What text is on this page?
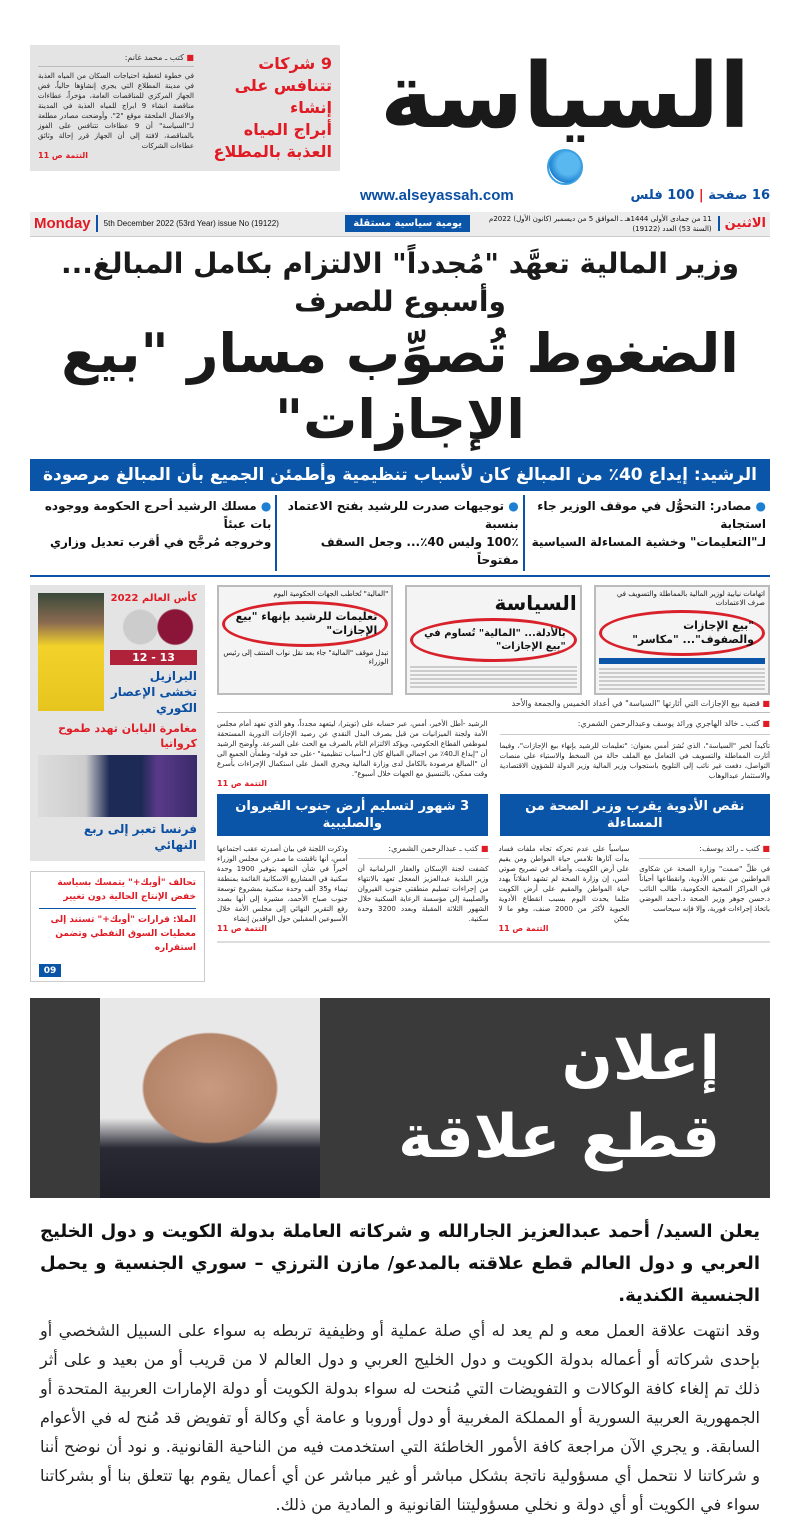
السياسة
16 صفحة | 100 فلس
www.alseyassah.com
9 شركات
تتنافس على إنشاء
أبراج المياه
العذبة بالمطلاع
■ كتب ـ محمد غانم:
في خطوة لتغطية احتياجات السكان من المياه العذبة في مدينة المطلاع التي يجري إنشاؤها حالياً، فض الجهاز المركزي للمناقصات العامة، مؤخراً، عطاءات مناقصة انشاء 9 ابراج للمياه العذبة في المدينة والاعمال الملحقة موقع "2". وأوضحت مصادر مطلعة لـ"السياسة" أن 9 عطاءات تتنافس على الفوز بالمناقصة، لافتة إلى أن الجهاز قرر إحالة وثائق عطاءات الشركات
التتمة ص 11
الاثنين
11 من جمادى الأولى 1444هـ ـ الموافق 5 من ديسمبر (كانون الأول) 2022م (السنة 53) العدد (19122)
يومية سياسية مستقلة
5th December 2022 (53rd Year) issue No (19122)
Monday
وزير المالية تعهَّد "مُجدداً" الالتزام بكامل المبالغ... وأسبوع للصرف
الضغوط تُصوِّب مسار "بيع الإجازات"
الرشيد: إيداع 40٪ من المبالغ كان لأسباب تنظيمية وأطمئن الجميع بأن المبالغ مرصودة
● مصادر: التحوُّل في موقف الوزير جاء استجابة
لـ"التعليمات" وخشية المساءلة السياسية
● توجيهات صدرت للرشيد بفتح الاعتماد بنسبة
100٪ وليس 40٪... وجعل السقف مفتوحاً
● مسلك الرشيد أحرج الحكومة ووجوده بات عبئاً
وخروجه مُرجَّح في أقرب تعديل وزاري
اتهامات نيابية لوزير المالية بالمماطلة والتسويف في صرف الاعتمادات
"بيع الإجازات والصفوف"... "مكاسر"
السياسة
بالأدلة... "المالية" تُساوم في "بيع الإجازات"
"المالية" تُخاطب الجهات الحكومية اليوم
تعليمات للرشيد بإنهاء "بيع الإجازات"
تبدل موقف "المالية" جاء بعد نقل نواب المنتف إلى رئيس الوزراء
■ قضية بيع الإجازات التي أثارتها "السياسة" في أعداد الخميس والجمعة والأحد
■ كتب ـ خالد الهاجري ورائد يوسف وعبدالرحمن الشمري:
تأكيداً لخبر "السياسة"، الذي نُشرَ أمس بعنوان: "تعليمات للرشيد بإنهاء بيع الإجازات"، وفيما أثارت المماطلة والتسويف في التعامل مع الملف حالة من السخط والاستياء على منصات التواصل، دفعت غير نائب إلى التلويح باستجواب وزير المالية وزير الدولة للشؤون الاقتصادية والاستثمار عبدالوهاب
الرشيد -أطل الأخير، أمس، عبر حسابه على (تويتر)، ليتعهد مجدداً، وهو الذي تعهد أمام مجلس الأمة ولجنة الميزانيات من قبل بصرف البدل النقدي عن رصيد الإجازات الدورية المستحقة لموظفي القطاع الحكومي، ويؤكد الالتزام التام بالصرف مع الحث على السرعة. وأوضح الرشيد أن "إيداع الـ40٪ من اجمالي المبالغ كان لـ"أسباب تنظيمية" -على حد قوله- وطمأن الجميع الى أن "المبالغ مرصودة بالكامل لدى وزارة المالية ويجري العمل على استكمال الإجراءات بأسرع وقت ممكن، بالتنسيق مع الجهات خلال أسبوع".
التتمة ص 11
نقص الأدوية يقرب وزير الصحة من المساءلة
3 شهور لتسليم أرض جنوب القيروان والصليبية
■ كتب ـ رائد يوسف:
في ظلِّ "صمت" وزارة الصحة عن شكاوى المواطنين من نقص الأدوية، وانقطاعها أحياناً في المراكز الصحية الحكومية، طالب النائب د.حسن جوهر وزير الصحة د.أحمد العوضي باتخاذ إجراءات فورية، وإلا فإنه سيحاسب
سياسياً على عدم تحركه تجاه ملفات فساد بدأت آثارها تلامس حياة المواطن ومن يقيم على أرض الكويت. وأضاف في تصريح صوتي أمس، إن وزارة الصحة لم تشهد انفلاتاً يهدد حياة المواطن والمقيم على أرض الكويت مثلما يحدث اليوم بسبب انقطاع الأدوية الحيوية لأكثر من 2000 صنف، وهو ما لا يمكن
التتمة ص 11
■ كتب ـ عبدالرحمن الشمري:
كشفت لجنة الإسكان والعقار البرلمانية أن وزير البلدية عبدالعزيز المعجل تعهد بالانتهاء من إجراءات تسليم منطقتي جنوب القيروان والصليبية إلى مؤسسة الرعاية السكنية خلال الشهور الثلاثة المقبلة وبعدد 3200 وحدة سكنية.
وذكرت اللجنة في بيان أصدرته عقب اجتماعها أمس، أنها ناقشت ما صدر عن مجلس الوزراء أخيراً في شأن التعهد بتوفير 1900 وحدة سكنية في المشاريع الاسكانية القائمة بمنطقة تيماء و35 ألف وحدة سكنية بمشروع توسعة جنوب صباح الأحمد، مشيرة إلى أنها بصدد رفع التقرير النهائي إلى مجلس الأمة خلال الأسبوعين المقبلين حول الوافدين إنشاء
التتمة ص 11
كأس العالم 2022
13 - 12
البرازيل تخشى الإعصار الكوري
مغامرة اليابان تهدد طموح كرواتيا
فرنسا تعبر إلى ربع النهائي
تحالف "أوبك+" يتمسك بسياسة خفض الإنتاج الحالية دون تغيير
الملا: قرارات "أوبك+" تستند إلى معطيات السوق النفطي وتضمن استقراره
09
إعلان
قطع علاقة
يعلن السيد/ أحمد عبدالعزيز الجارالله و شركاته العاملة بدولة الكويت و دول الخليج العربي و دول العالم قطع علاقته بالمدعو/ مازن الترزي – سوري الجنسية و يحمل الجنسية الكندية.
وقد انتهت علاقة العمل معه و لم يعد له أي صلة عملية أو وظيفية تربطه به سواء على السبيل الشخصي أو بإحدى شركاته أو أعماله بدولة الكويت و دول الخليج العربي و دول العالم لا من قريب أو من بعيد و على أثر ذلك تم إلغاء كافة الوكالات و التفويضات التي مُنحت له سواء بدولة الكويت أو دولة الإمارات العربية المتحدة أو الجمهورية العربية السورية أو المملكة المغربية أو دول أوروبا و عامة أي وكالة أو تفويض قد مُنح له في الأعوام السابقة. و يجري الآن مراجعة كافة الأمور الخاطئة التي استخدمت فيه من الناحية القانونية. و نود أن نوضح أننا و شركاتنا لا نتحمل أي مسؤولية ناتجة بشكل مباشر أو غير مباشر عن أي أعمال يقوم بها تتعلق بنا أو بشركاتنا سواء في الكويت أو أي دولة و نخلي مسؤوليتنا القانونية و المادية من ذلك.
